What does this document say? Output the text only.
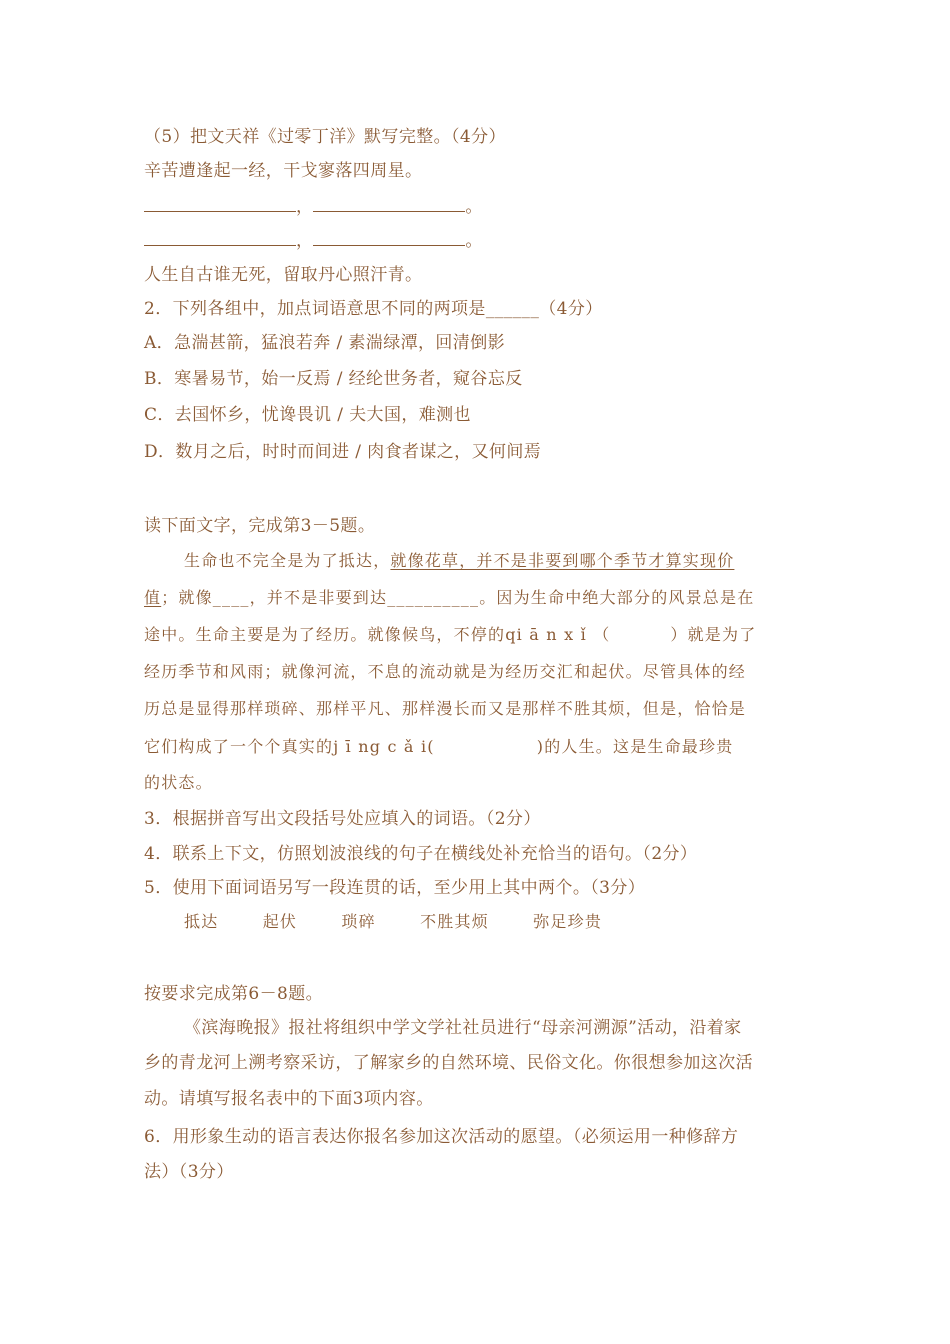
（5）把文天祥《过零丁洋》默写完整。（4分）
辛苦遭逢起一经，干戈寥落四周星。
，	。
，	。
人生自古谁无死，留取丹心照汗青。
2．下列各组中，加点词语意思不同的两项是______（4分）
A．急湍甚箭，猛浪若奔 / 素湍绿潭，回清倒影
B．寒暑易节，始一反焉 / 经纶世务者，窥谷忘反
C．去国怀乡，忧谗畏讥 / 夫大国，难测也
D．数月之后，时时而间进 / 肉食者谋之，又何间焉
读下面文字，完成第3－5题。
生命也不完全是为了抵达，就像花草，并不是非要到哪个季节才算实现价
值；就像____，并不是非要到达__________。因为生命中绝大部分的风景总是在
途中。生命主要是为了经历。就像候鸟，不停的qi ā n x ǐ （	）就是为了
经历季节和风雨；就像河流，不息的流动就是为经历交汇和起伏。尽管具体的经
历总是显得那样琐碎、那样平凡、那样漫长而又是那样不胜其烦，但是，恰恰是
它们构成了一个个真实的j ī ng c ǎ i(	)的人生。这是生命最珍贵
的状态。
3．根据拼音写出文段括号处应填入的词语。（2分）
4．联系上下文，仿照划波浪线的句子在横线处补充恰当的语句。（2分）
5．使用下面词语另写一段连贯的话，至少用上其中两个。（3分）
抵达	起伏	琐碎	不胜其烦	弥足珍贵
按要求完成第6－8题。
《滨海晚报》报社将组织中学文学社社员进行“母亲河溯源”活动，沿着家
乡的青龙河上溯考察采访，了解家乡的自然环境、民俗文化。你很想参加这次活
动。请填写报名表中的下面3项内容。
6．用形象生动的语言表达你报名参加这次活动的愿望。（必须运用一种修辞方
法）（3分）
